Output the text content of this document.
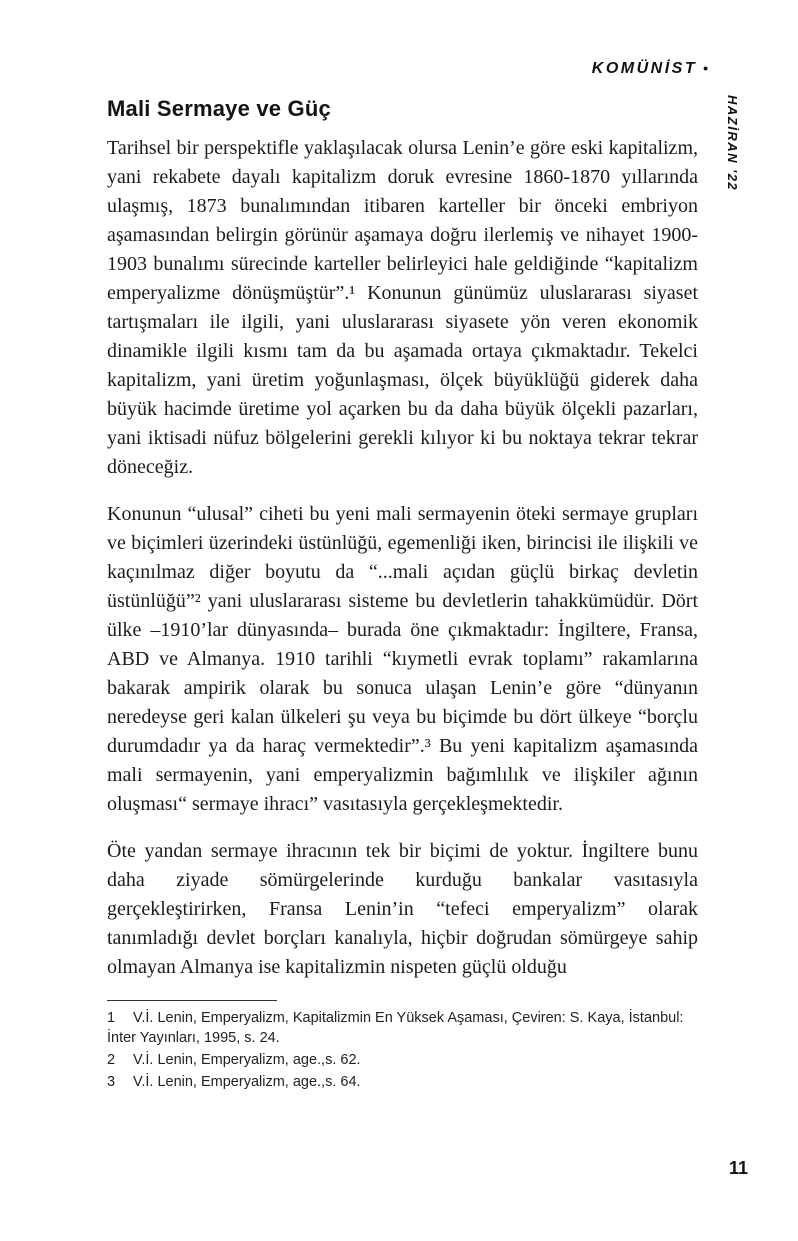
KOMÜNİST •
HAZİRAN '22
Mali Sermaye ve Güç

Tarihsel bir perspektifle yaklaşılacak olursa Lenin’e göre eski kapitalizm, yani rekabete dayalı kapitalizm doruk evresine 1860-1870 yıllarında ulaşmış, 1873 bunalımından itibaren karteller bir önceki embriyon aşamasından belirgin görünür aşamaya doğru ilerlemiş ve nihayet 1900-1903 bunalımı sürecinde karteller belirleyici hale geldiğinde “kapitalizm emperyalizme dönüşmüştür”.¹ Konunun günümüz uluslararası siyaset tartışmaları ile ilgili, yani uluslararası siyasete yön veren ekonomik dinamikle ilgili kısmı tam da bu aşamada ortaya çıkmaktadır. Tekelci kapitalizm, yani üretim yoğunlaşması, ölçek büyüklüğü giderek daha büyük hacimde üretime yol açarken bu da daha büyük ölçekli pazarları, yani iktisadi nüfuz bölgelerini gerekli kılıyor ki bu noktaya tekrar tekrar döneceğiz.

Konunun “ulusal” ciheti bu yeni mali sermayenin öteki sermaye grupları ve biçimleri üzerindeki üstünlüğü, egemenliği iken, birincisi ile ilişkili ve kaçınılmaz diğer boyutu da “...mali açıdan güçlü birkaç devletin üstünlüğü”² yani uluslararası sisteme bu devletlerin tahakkümüdür. Dört ülke –1910’lar dünyasında– burada öne çıkmaktadır: İngiltere, Fransa, ABD ve Almanya. 1910 tarihli “kıymetli evrak toplamı” rakamlarına bakarak ampirik olarak bu sonuca ulaşan Lenin’e göre “dünyanın neredeyse geri kalan ülkeleri şu veya bu biçimde bu dört ülkeye “borçlu durumdadır ya da haraç vermektedir”.³ Bu yeni kapitalizm aşamasında mali sermayenin, yani emperyalizmin bağımlılık ve ilişkiler ağının oluşması“ sermaye ihracı” vasıtasıyla gerçekleşmektedir.

Öte yandan sermaye ihracının tek bir biçimi de yoktur. İngiltere bunu daha ziyade sömürgelerinde kurduğu bankalar vasıtasıyla gerçekleştirirken, Fransa Lenin’in “tefeci emperyalizm” olarak tanımladığı devlet borçları kanalıyla, hiçbir doğrudan sömürgeye sahip olmayan Almanya ise kapitalizmin nispeten güçlü olduğu

1 V.İ. Lenin, Emperyalizm, Kapitalizmin En Yüksek Aşaması, Çeviren: S. Kaya, İstanbul: İnter Yayınları, 1995, s. 24.
2 V.İ. Lenin, Emperyalizm, age.,s. 62.
3 V.İ. Lenin, Emperyalizm, age.,s. 64.
11
